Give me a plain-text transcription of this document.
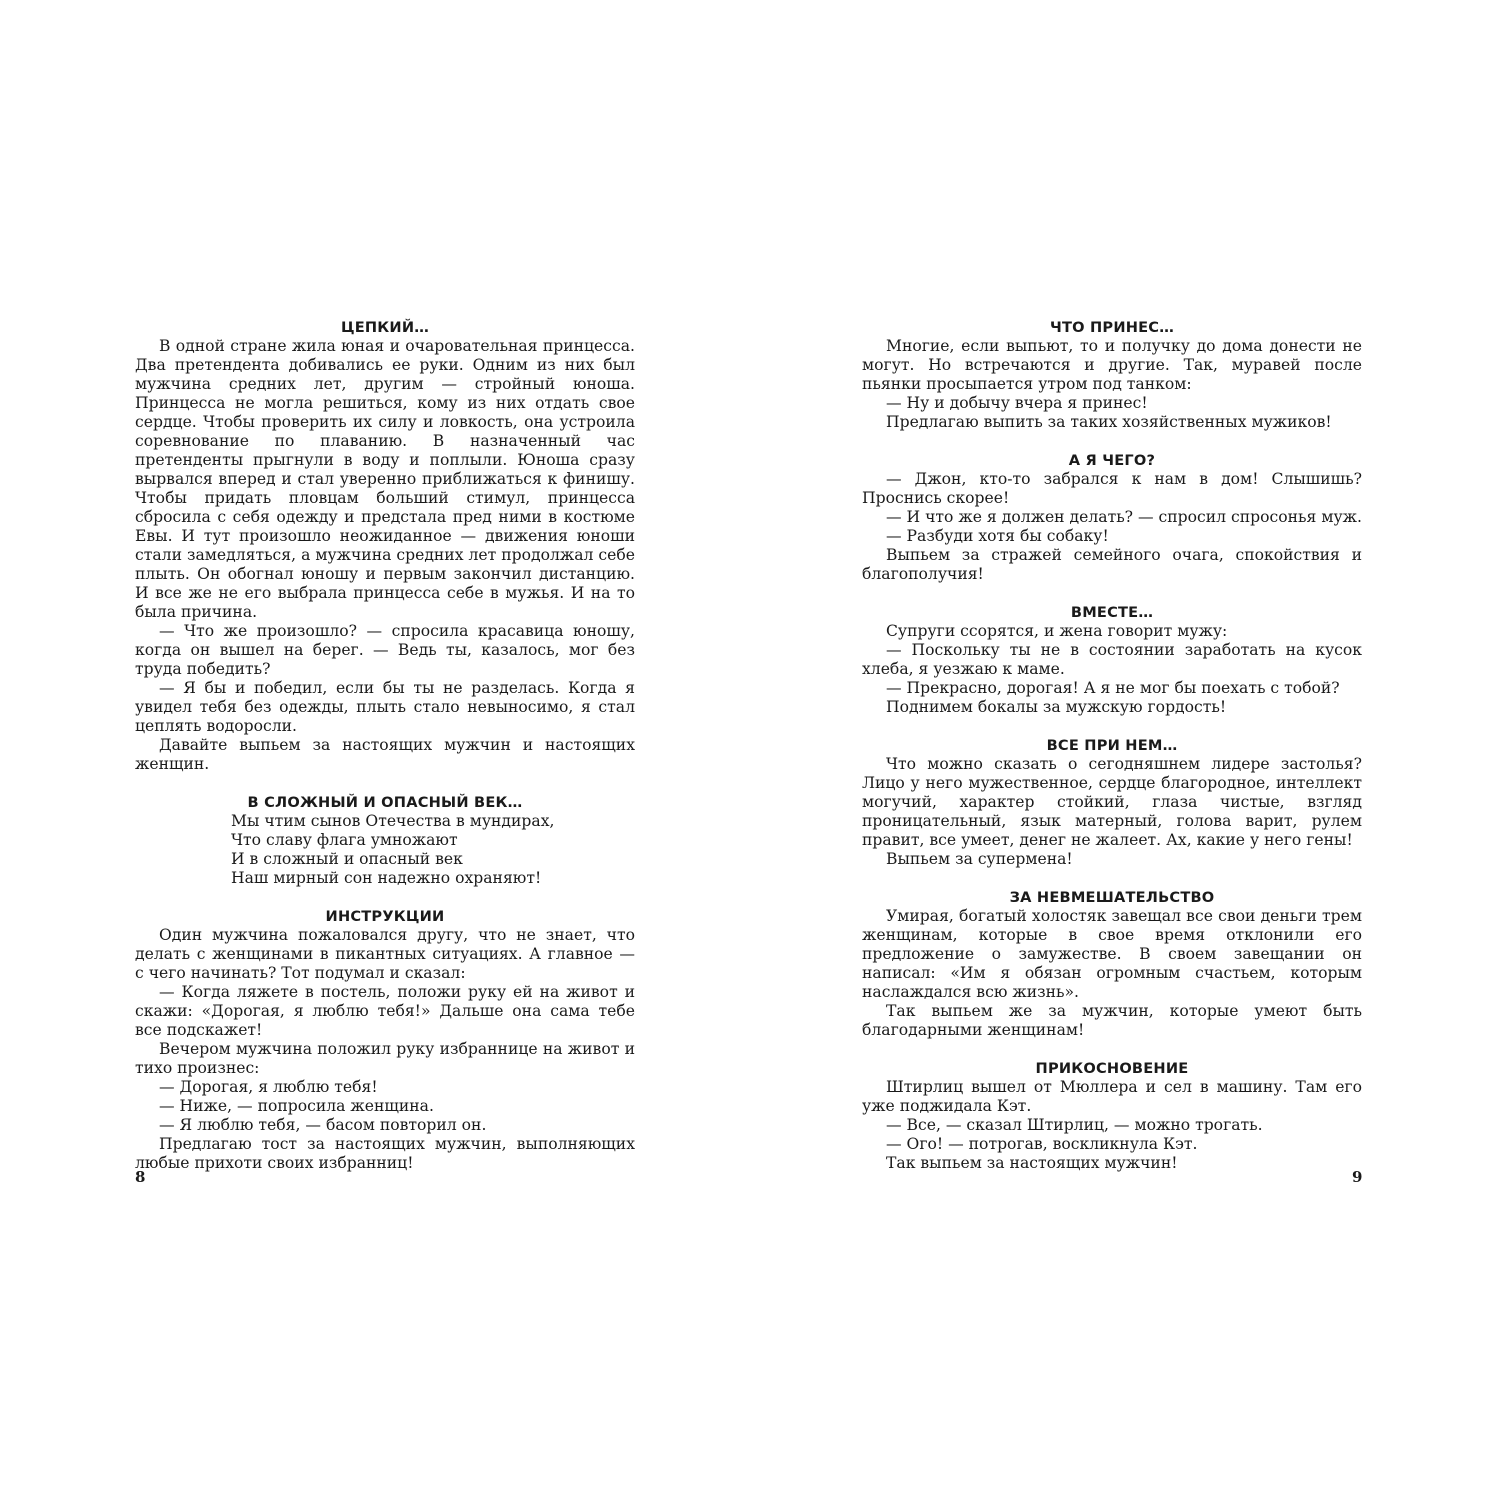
ЦЕПКИЙ…

В одной стране жила юная и очаровательная принцесса. Два претендента добивались ее руки. Одним из них был мужчина средних лет, другим — стройный юноша. Принцесса не могла решиться, кому из них отдать свое сердце. Чтобы проверить их силу и ловкость, она устроила соревнование по плаванию. В назначенный час претенденты прыгнули в воду и поплыли. Юноша сразу вырвался вперед и стал уверенно приближаться к финишу. Чтобы придать пловцам больший стимул, принцесса сбросила с себя одежду и предстала пред ними в костюме Евы. И тут произошло неожиданное — движения юноши стали замедляться, а мужчина средних лет продолжал себе плыть. Он обогнал юношу и первым закончил дистанцию. И все же не его выбрала принцесса себе в мужья. И на то была причина.

— Что же произошло? — спросила красавица юношу, когда он вышел на берег. — Ведь ты, казалось, мог без труда победить?

— Я бы и победил, если бы ты не разделась. Когда я увидел тебя без одежды, плыть стало невыносимо, я стал цеплять водоросли.

Давайте выпьем за настоящих мужчин и настоящих женщин.

В СЛОЖНЫЙ И ОПАСНЫЙ ВЕК…
Мы чтим сынов Отечества в мундирах,
Что славу флага умножают
И в сложный и опасный век
Наш мирный сон надежно охраняют!
ИНСТРУКЦИИ

Один мужчина пожаловался другу, что не знает, что делать с женщинами в пикантных ситуациях. А главное — с чего начинать? Тот подумал и сказал:

— Когда ляжете в постель, положи руку ей на живот и скажи: «Дорогая, я люблю тебя!» Дальше она сама тебе все подскажет!

Вечером мужчина положил руку избраннице на живот и тихо произнес:

— Дорогая, я люблю тебя!

— Ниже, — попросила женщина.

— Я люблю тебя, — басом повторил он.

Предлагаю тост за настоящих мужчин, выполняющих любые прихоти своих избранниц!

ЧТО ПРИНЕС…

Многие, если выпьют, то и получку до дома донести не могут. Но встречаются и другие. Так, муравей после пьянки просыпается утром под танком:

— Ну и добычу вчера я принес!

Предлагаю выпить за таких хозяйственных мужиков!

А Я ЧЕГО?

— Джон, кто-то забрался к нам в дом! Слышишь? Проснись скорее!

— И что же я должен делать? — спросил спросонья муж.

— Разбуди хотя бы собаку!

Выпьем за стражей семейного очага, спокойствия и благополучия!

ВМЕСТЕ…

Супруги ссорятся, и жена говорит мужу:

— Поскольку ты не в состоянии заработать на кусок хлеба, я уезжаю к маме.

— Прекрасно, дорогая! А я не мог бы поехать с тобой?

Поднимем бокалы за мужскую гордость!

ВСЕ ПРИ НЕМ…

Что можно сказать о сегодняшнем лидере застолья? Лицо у него мужественное, сердце благородное, интеллект могучий, характер стойкий, глаза чистые, взгляд проницательный, язык матерный, голова варит, рулем правит, все умеет, денег не жалеет. Ах, какие у него гены!

Выпьем за супермена!

ЗА НЕВМЕШАТЕЛЬСТВО

Умирая, богатый холостяк завещал все свои деньги трем женщинам, которые в свое время отклонили его предложение о замужестве. В своем завещании он написал: «Им я обязан огромным счастьем, которым наслаждался всю жизнь».

Так выпьем же за мужчин, которые умеют быть благодарными женщинам!

ПРИКОСНОВЕНИЕ

Штирлиц вышел от Мюллера и сел в машину. Там его уже поджидала Кэт.

— Все, — сказал Штирлиц, — можно трогать.

— Ого! — потрогав, воскликнула Кэт.

Так выпьем за настоящих мужчин!

8	9
